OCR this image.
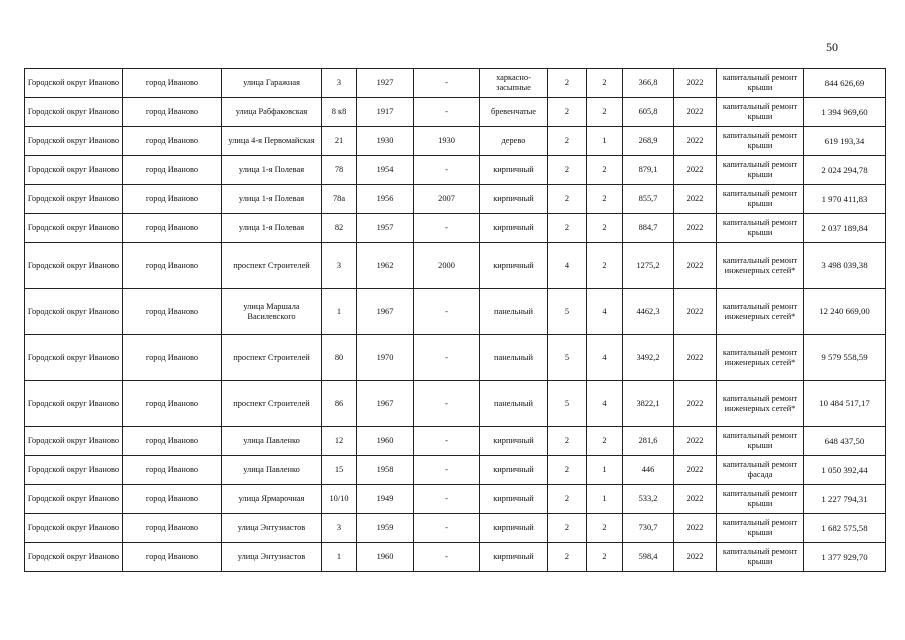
50
Городской округ Иваново	город Иваново	улица Гаражная	3	1927	-	харкасно-засыпные	2	2	366,8	2022	капитальный ремонт крыши	844 626,69
Городской округ Иваново	город Иваново	улица Рабфаковская	8 к8	1917	-	бревенчатые	2	2	605,8	2022	капитальный ремонт крыши	1 394 969,60
Городской округ Иваново	город Иваново	улица 4-я Первомайская	21	1930	1930	дерево	2	1	268,9	2022	капитальный ремонт крыши	619 193,34
Городской округ Иваново	город Иваново	улица 1-я Полевая	78	1954	-	кирпичный	2	2	879,1	2022	капитальный ремонт крыши	2 024 294,78
Городской округ Иваново	город Иваново	улица 1-я Полевая	78а	1956	2007	кирпичный	2	2	855,7	2022	капитальный ремонт крыши	1 970 411,83
Городской округ Иваново	город Иваново	улица 1-я Полевая	82	1957	-	кирпичный	2	2	884,7	2022	капитальный ремонт крыши	2 037 189,84
Городской округ Иваново	город Иваново	проспект Строителей	3	1962	2000	кирпичный	4	2	1275,2	2022	капитальный ремонт инженерных сетей*	3 498 039,38
Городской округ Иваново	город Иваново	улица Маршала Василевского	1	1967	-	панельный	5	4	4462,3	2022	капитальный ремонт инженерных сетей*	12 240 669,00
Городской округ Иваново	город Иваново	проспект Строителей	80	1970	-	панельный	5	4	3492,2	2022	капитальный ремонт инженерных сетей*	9 579 558,59
Городской округ Иваново	город Иваново	проспект Строителей	86	1967	-	панельный	5	4	3822,1	2022	капитальный ремонт инженерных сетей*	10 484 517,17
Городской округ Иваново	город Иваново	улица Павленко	12	1960	-	кирпичный	2	2	281,6	2022	капитальный ремонт крыши	648 437,50
Городской округ Иваново	город Иваново	улица Павленко	15	1958	-	кирпичный	2	1	446	2022	капитальный ремонт фасада	1 050 392,44
Городской округ Иваново	город Иваново	улица Ярмарочная	10/10	1949	-	кирпичный	2	1	533,2	2022	капитальный ремонт крыши	1 227 794,31
Городской округ Иваново	город Иваново	улица Энтузиастов	3	1959	-	кирпичный	2	2	730,7	2022	капитальный ремонт крыши	1 682 575,58
Городской округ Иваново	город Иваново	улица Энтузиастов	1	1960	-	кирпичный	2	2	598,4	2022	капитальный ремонт крыши	1 377 929,70
